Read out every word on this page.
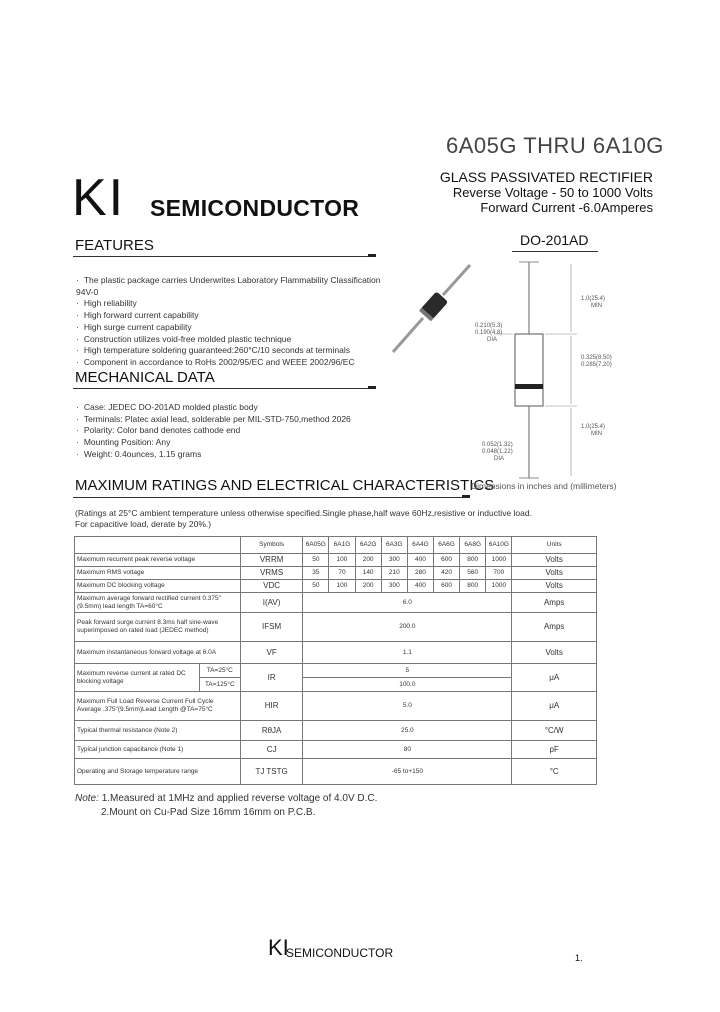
6A05G THRU 6A10G
KI SEMICONDUCTOR
GLASS PASSIVATED RECTIFIER
Reverse Voltage - 50 to 1000 Volts
Forward Current -6.0Amperes
FEATURES
· The plastic package carries Underwrites Laboratory Flammability Classification 94V-0
· High reliability
· High forward current capability
· High surge current capability
· Construction utilizes void-free molded plastic technique
· High temperature soldering guaranteed:260°C/10 seconds at terminals
· Component in accordance to RoHs 2002/95/EC and WEEE 2002/96/EC
MECHANICAL DATA
· Case: JEDEC DO-201AD molded plastic body
· Terminals: Platec axial lead, solderable per MIL-STD-750,method 2026
· Polarity: Color band denotes cathode end
· Mounting Position: Any
· Weight: 0.4ounces, 1.15 grams
DO-201AD
1.0(25.4)
MIN
0.210(5.3)
0.190(4.8)
DIA
0.325(8.50)
0.285(7.20)
1.0(25.4)
MIN
0.052(1.32)
0.048(1.22)
DIA
MAXIMUM RATINGS AND ELECTRICAL CHARACTERISTICS
Dimensions in inches and (millimeters)
(Ratings at 25°C ambient temperature unless otherwise specified.Single phase,half wave 60Hz,resistive or inductive load. For capacitive load, derate by 20%.)
		Symbols	6A05G	6A1G	6A2G	6A3G	6A4G	6A6G	6A8G	6A10G	Units
Maximum recurrent peak reverse voltage		VRRM	50	100	200	300	400	600	800	1000	Volts
Maximum RMS voltage		VRMS	35	70	140	210	280	420	560	700	Volts
Maximum DC blocking voltage		VDC	50	100	200	300	400	600	800	1000	Volts
Maximum average forward rectified current 0.375"(9.5mm) lead length TA=60°C		I(AV)	6.0								Amps
Peak forward surge current 8.3ms half sine-wave superimposed on rated load (JEDEC method)		IFSM	200.0								Amps
Maximum instantaneous forward voltage at 6.0A		VF	1.1								Volts
Maximum reverse current at rated DC blocking voltage	TA=25°C	IR	5								μA
	TA=125°C		100.0								
Maximum Full Load Reverse Current Full Cycle Average .375"(9.5mm)Lead Length @TA=75°C		HIR	5.0								μA
Typical thermal resistance (Note 2)		RθJA	25.0								°C/W
Typical junction capacitance (Note 1)		CJ	80								pF
Operating and Storage temperature range		TJ TSTG	-65 to+150								°C
Note: 1.Measured at 1MHz and applied reverse voltage of 4.0V D.C.
2.Mount on Cu-Pad Size 16mm 16mm on P.C.B.
KI
SEMICONDUCTOR	1.
